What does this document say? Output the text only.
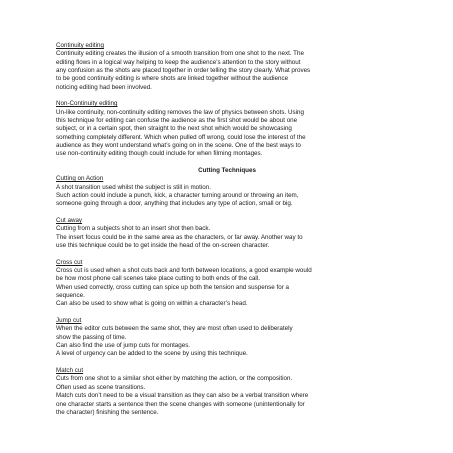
Continuity editing
Continuity editing creates the illusion of a smooth transition from one shot to the next. The
editing flows in a logical way helping to keep the audience’s attention to the story without
any confusion as the shots are placed together in order telling the story clearly. What proves
to be good continuity editing is where shots are linked together without the audience
noticing editing had been involved.
Non-Continuity editing
Un-like continuity, non-continuity editing removes the law of physics between shots. Using
this technique for editing can confuse the audience as the first shot would be about one
subject, or in a certain spot, then straight to the next shot which would be showcasing
something completely different. Which when pulled off wrong, could lose the interest of the
audience as they wont understand what’s going on in the scene. One of the best ways to
use non-continuity editing though could include for when filming montages.
Cutting Techniques
Cutting on Action
A shot transition used whilst the subject is still in motion.
Such action could include a punch, kick, a character turning around or throwing an item,
someone going through a door, anything that includes any type of action, small or big.
Cut away
Cutting from a subjects shot to an insert shot then back.
The insert focus could be in the same area as the characters, or far away. Another way to
use this technique could be to get inside the head of the on-screen character.
Cross cut
Cross cut is used when a shot cuts back and forth between locations, a good example would
be how most phone call scenes take place cutting to both ends of the call.
When used correctly, cross cutting can spice up both the tension and suspense for a
sequence.
Can also be used to show what is going on within a character’s head.
Jump cut
When the editor cuts between the same shot, they are most often used to deliberately
show the passing of time.
Can also find the use of jump cuts for montages.
A level of urgency can be added to the scene by using this technique.
Match cut
Cuts from one shot to a similar shot either by matching the action, or the composition.
Often used as scene transitions.
Match cuts don’t need to be a visual transition as they can also be a verbal transition where
one character starts a sentence then the scene changes with someone (unintentionally for
the character) finishing the sentence.
